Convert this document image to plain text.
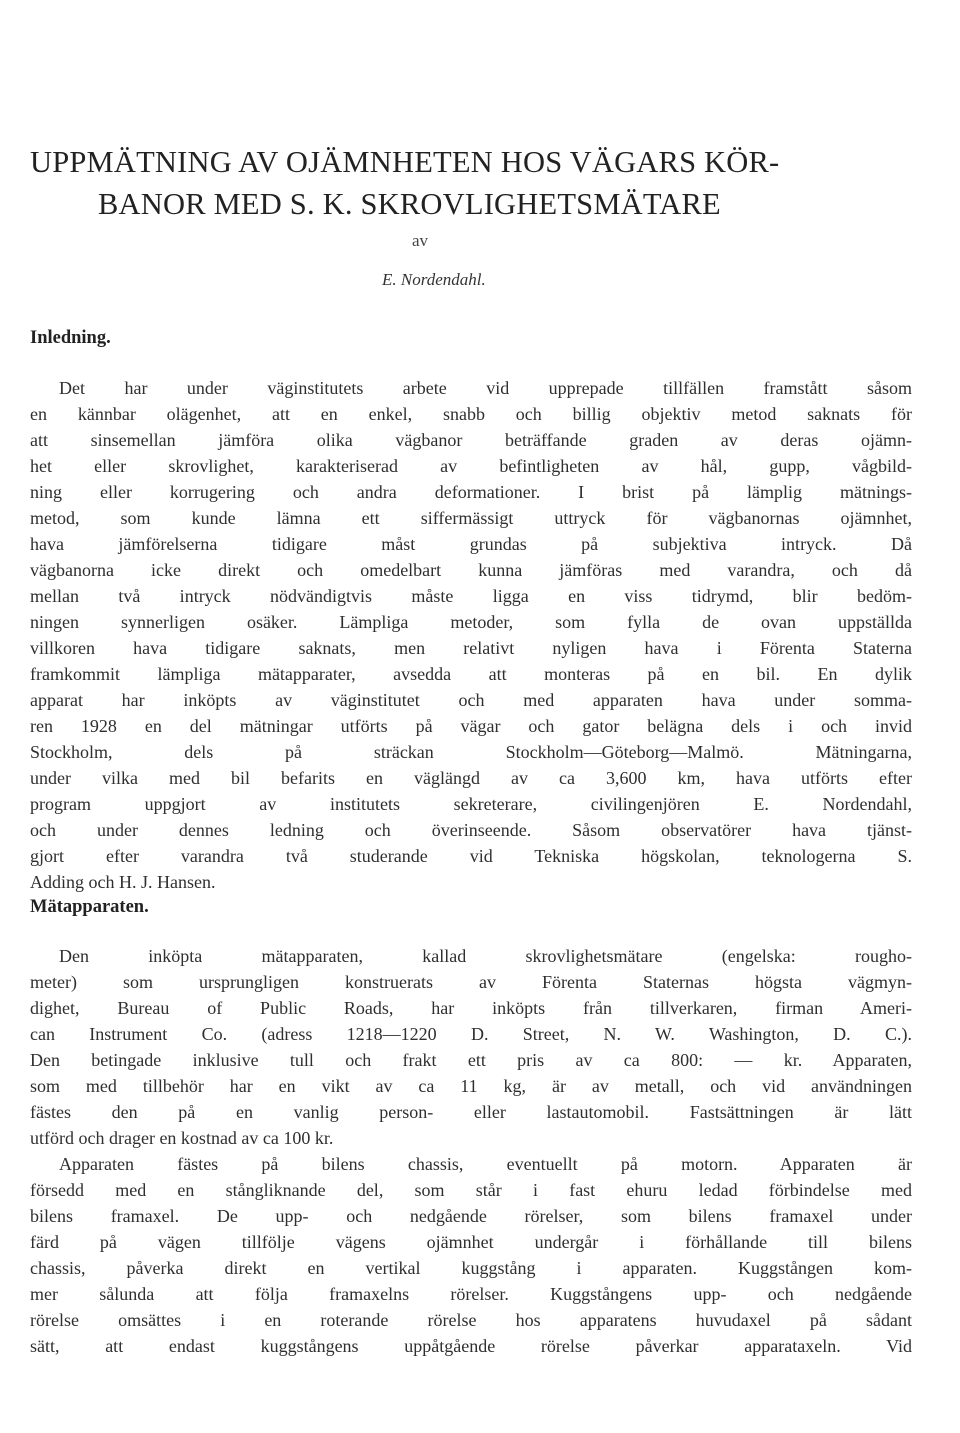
UPPMÄTNING AV OJÄMNHETEN HOS VÄGARS KÖR-
BANOR MED S. K. SKROVLIGHETSMÄTARE
av
E. Nordendahl.
Inledning.
Det har under väginstitutets arbete vid upprepade tillfällen framstått såsom
en kännbar olägenhet, att en enkel, snabb och billig objektiv metod saknats för
att sinsemellan jämföra olika vägbanor beträffande graden av deras ojämn-
het eller skrovlighet, karakteriserad av befintligheten av hål, gupp, vågbild-
ning eller korrugering och andra deformationer. I brist på lämplig mätnings-
metod, som kunde lämna ett siffermässigt uttryck för vägbanornas ojämnhet,
hava jämförelserna tidigare måst grundas på subjektiva intryck. Då
vägbanorna icke direkt och omedelbart kunna jämföras med varandra, och då
mellan två intryck nödvändigtvis måste ligga en viss tidrymd, blir bedöm-
ningen synnerligen osäker. Lämpliga metoder, som fylla de ovan uppställda
villkoren hava tidigare saknats, men relativt nyligen hava i Förenta Staterna
framkommit lämpliga mätapparater, avsedda att monteras på en bil. En dylik
apparat har inköpts av väginstitutet och med apparaten hava under somma-
ren 1928 en del mätningar utförts på vägar och gator belägna dels i och invid
Stockholm, dels på sträckan Stockholm—Göteborg—Malmö. Mätningarna,
under vilka med bil befarits en väglängd av ca 3,600 km, hava utförts efter
program uppgjort av institutets sekreterare, civilingenjören E. Nordendahl,
och under dennes ledning och överinseende. Såsom observatörer hava tjänst-
gjort efter varandra två studerande vid Tekniska högskolan, teknologerna S.
Adding och H. J. Hansen.
Mätapparaten.
Den inköpta mätapparaten, kallad skrovlighetsmätare (engelska: rougho-
meter) som ursprungligen konstruerats av Förenta Staternas högsta vägmyn-
dighet, Bureau of Public Roads, har inköpts från tillverkaren, firman Ameri-
can Instrument Co. (adress 1218—1220 D. Street, N. W. Washington, D. C.).
Den betingade inklusive tull och frakt ett pris av ca 800: — kr. Apparaten,
som med tillbehör har en vikt av ca 11 kg, är av metall, och vid användningen
fästes den på en vanlig person- eller lastautomobil. Fastsättningen är lätt
utförd och drager en kostnad av ca 100 kr.
Apparaten fästes på bilens chassis, eventuellt på motorn. Apparaten är
försedd med en stångliknande del, som står i fast ehuru ledad förbindelse med
bilens framaxel. De upp- och nedgående rörelser, som bilens framaxel under
färd på vägen tillfölje vägens ojämnhet undergår i förhållande till bilens
chassis, påverka direkt en vertikal kuggstång i apparaten. Kuggstången kom-
mer sålunda att följa framaxelns rörelser. Kuggstångens upp- och nedgående
rörelse omsättes i en roterande rörelse hos apparatens huvudaxel på sådant
sätt, att endast kuggstångens uppåtgående rörelse påverkar apparataxeln. Vid
